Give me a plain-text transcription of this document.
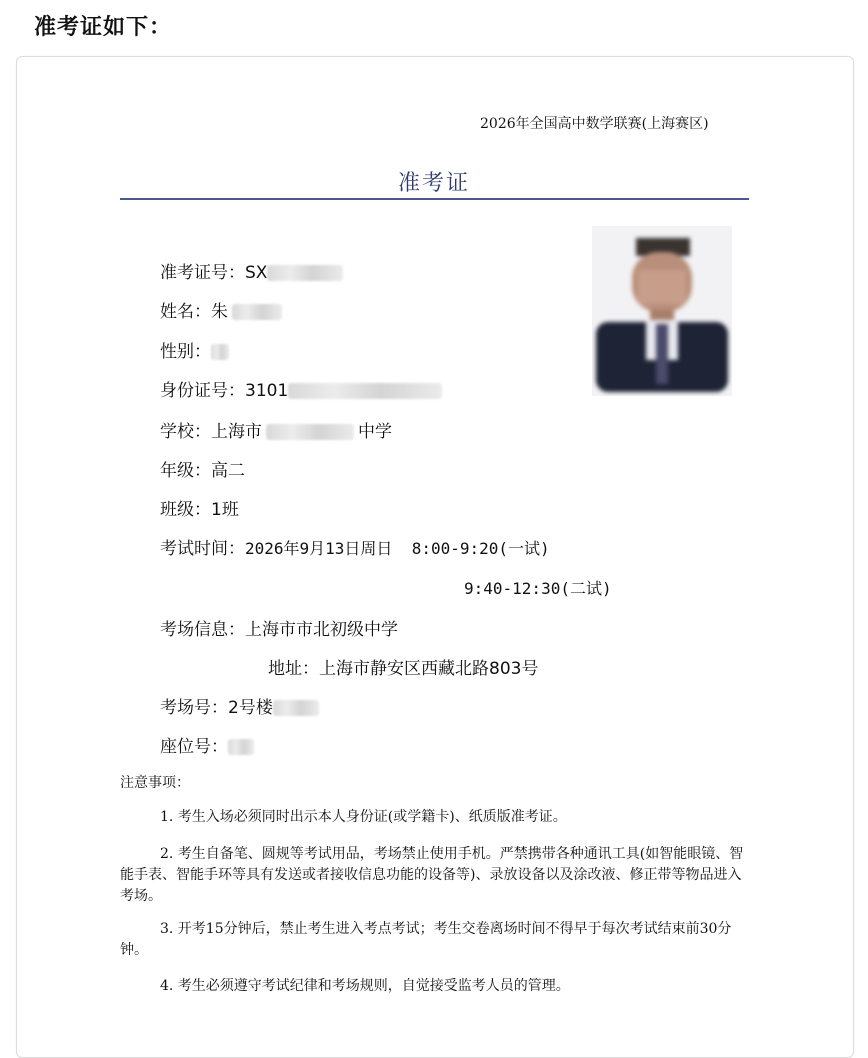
准考证如下：
2026年全国高中数学联赛(上海赛区)
准考证
准考证号：SX
姓名：朱
性别：
身份证号：3101
学校：上海市	中学
年级：高二
班级：1班
考试时间：2026年9月13日周日  8:00-9:20(一试)
9:40-12:30(二试)
考场信息：上海市市北初级中学
地址：上海市静安区西藏北路803号
考场号：2号楼
座位号：
注意事项：
1. 考生入场必须同时出示本人身份证(或学籍卡)、纸质版准考证。
2. 考生自备笔、圆规等考试用品，考场禁止使用手机。严禁携带各种通讯工具(如智能眼镜、智能手表、智能手环等具有发送或者接收信息功能的设备等)、录放设备以及涂改液、修正带等物品进入考场。
3. 开考15分钟后，禁止考生进入考点考试；考生交卷离场时间不得早于每次考试结束前30分钟。
4. 考生必须遵守考试纪律和考场规则，自觉接受监考人员的管理。
